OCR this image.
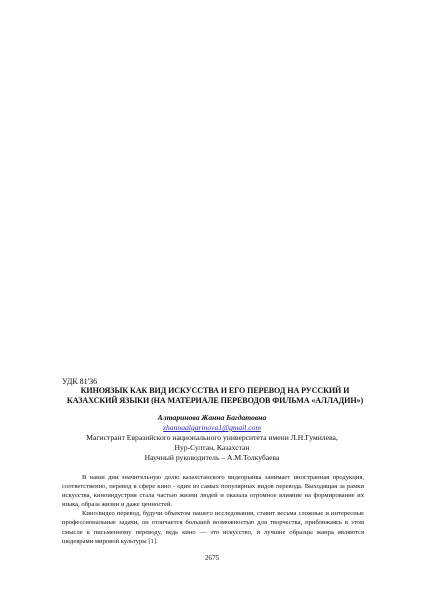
УДК 81'36
КИНОЯЗЫК КАК ВИД ИСКУССТВА И ЕГО ПЕРЕВОД НА РУССКИЙ И
КАЗАХСКИЙ ЯЗЫКИ (НА МАТЕРИАЛЕ ПЕРЕВОДОВ ФИЛЬМА «АЛЛАДИН»)
Алтаринова Жанна Багдатовна
zhannaalgarinova1@gmail.com
Магистрант Евразийского национального университета имени Л.Н.Гумилева,
Нур-Султан, Казахстан
Научный руководитель – А.М.Толкубаева

В наши дни значительную долю казахстанского видеорынка занимает иностранная продукция, соответственно, перевод в сфере кино - один из самых популярных видов перевода. Выходящая за рамки искусства, киноиндустрия стала частью жизни людей и оказала огромное влияние на формирование их языка, образа жизни и даже ценностей.

Кино/видео перевод, будучи объектом нашего исследования, ставит весьма сложные и интересные профессиональные задачи, он отличается большей возможностью для творчества, приближаясь в этом смысле к письменному переводу, ведь кино — это искусство, и лучшие образцы жанра являются шедеврами мировой культуры [1].

2675
